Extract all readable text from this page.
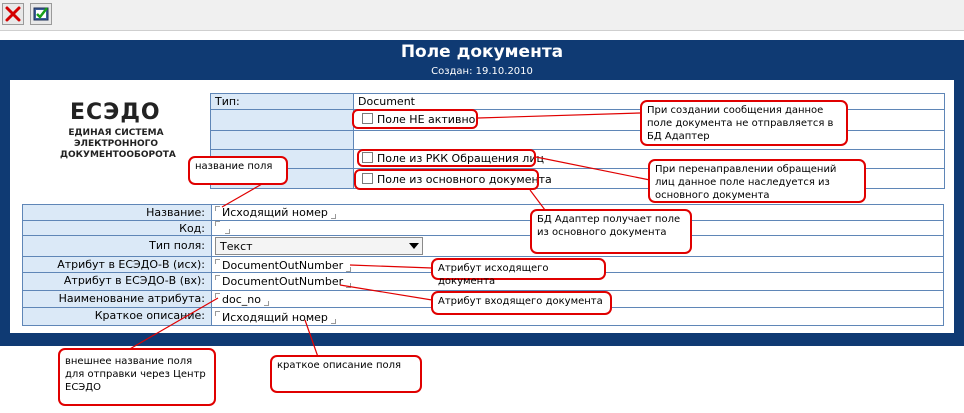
Поле документа
Создан: 19.10.2010
ЕСЭДО
ЕДИНАЯ СИСТЕМА
ЭЛЕКТРОННОГО
ДОКУМЕНТООБОРОТА
Тип:	Document
Поле НЕ активно
Поле из РКК Обращения лиц
Поле из основного документа
Название:	Исходящий номер
Код:
Тип поля:	Текст
Атрибут в ЕСЭДО-В (исх):	DocumentOutNumber
Атрибут в ЕСЭДО-В (вх):	DocumentOutNumber
Наименование атрибута:	doc_no
Краткое описание:	Исходящий номер
При создании сообщения данное поле документа не отправляется в БД Адаптер
При перенаправлении обращений лиц данное поле наследуется из основного документа
название поля
БД Адаптер получает поле из основного документа
Атрибут исходящего документа
Атрибут входящего документа
внешнее название поля для отправки через Центр ЕСЭДО
краткое описание поля
